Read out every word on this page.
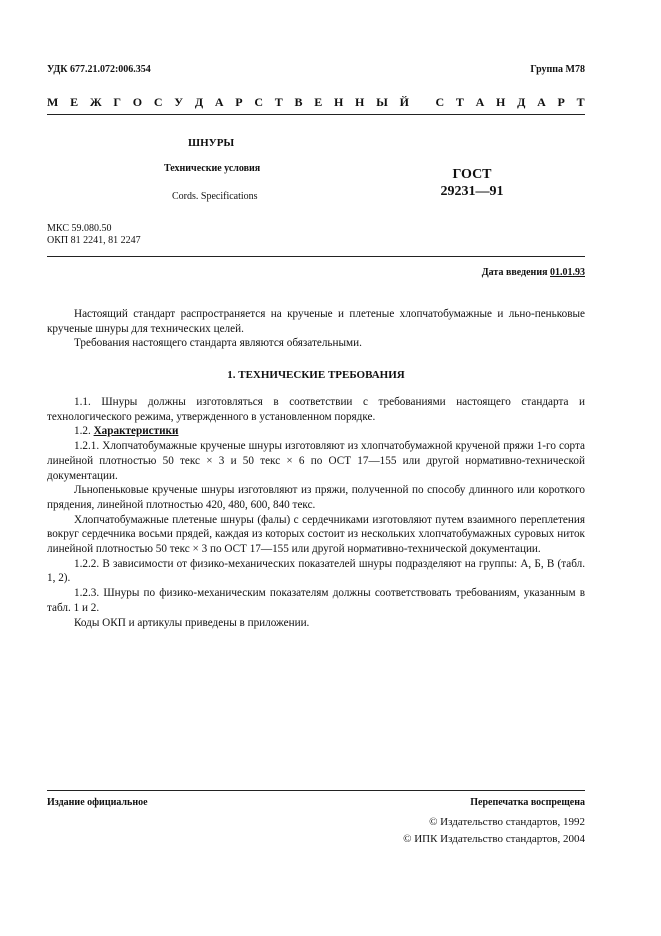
УДК 677.21.072:006.354	Группа М78
М Е Ж Г О С У Д А Р С Т В Е Н Н Ы Й
С Т А Н Д А Р Т
ШНУРЫ
Технические условия
Cords. Specifications
ГОСТ
29231—91
МКС 59.080.50
ОКП 81 2241, 81 2247
Дата введения 01.01.93

Настоящий стандарт распространяется на крученые и плетеные хлопчатобумажные и льно-пеньковые крученые шнуры для технических целей.

Требования настоящего стандарта являются обязательными.

1. ТЕХНИЧЕСКИЕ ТРЕБОВАНИЯ

1.1. Шнуры должны изготовляться в соответствии с требованиями настоящего стандарта и технологического режима, утвержденного в установленном порядке.

1.2. Характеристики

1.2.1. Хлопчатобумажные крученые шнуры изготовляют из хлопчатобумажной крученой пряжи 1-го сорта линейной плотностью 50 текс × 3 и 50 текс × 6 по ОСТ 17—155 или другой нормативно-технической документации.

Льнопеньковые крученые шнуры изготовляют из пряжи, полученной по способу длинного или короткого прядения, линейной плотностью 420, 480, 600, 840 текс.

Хлопчатобумажные плетеные шнуры (фалы) с сердечниками изготовляют путем взаимного переплетения вокруг сердечника восьми прядей, каждая из которых состоит из нескольких хлопчатобумажных суровых ниток линейной плотностью 50 текс × 3 по ОСТ 17—155 или другой нормативно-технической документации.

1.2.2. В зависимости от физико-механических показателей шнуры подразделяют на группы: А, Б, В (табл. 1, 2).

1.2.3. Шнуры по физико-механическим показателям должны соответствовать требованиям, указанным в табл. 1 и 2.

Коды ОКП и артикулы приведены в приложении.

Издание официальное	Перепечатка воспрещена
© Издательство стандартов, 1992
© ИПК Издательство стандартов, 2004
